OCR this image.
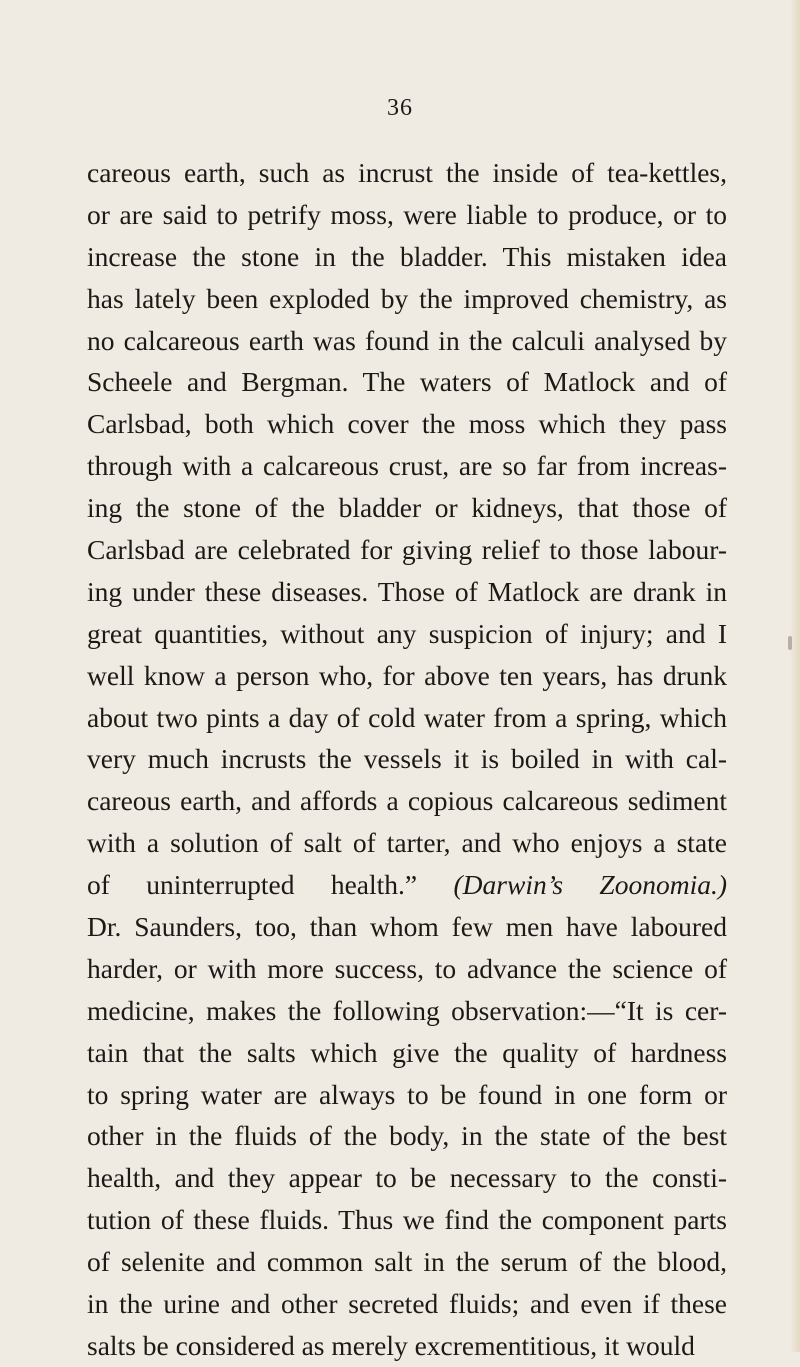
36
careous earth, such as incrust the inside of tea-kettles,
or are said to petrify moss, were liable to produce, or to
increase the stone in the bladder. This mistaken idea
has lately been exploded by the improved chemistry, as
no calcareous earth was found in the calculi analysed by
Scheele and Bergman. The waters of Matlock and of
Carlsbad, both which cover the moss which they pass
through with a calcareous crust, are so far from increas-
ing the stone of the bladder or kidneys, that those of
Carlsbad are celebrated for giving relief to those labour-
ing under these diseases. Those of Matlock are drank in
great quantities, without any suspicion of injury; and I
well know a person who, for above ten years, has drunk
about two pints a day of cold water from a spring, which
very much incrusts the vessels it is boiled in with cal-
careous earth, and affords a copious calcareous sediment
with a solution of salt of tarter, and who enjoys a state
of uninterrupted health.” (Darwin’s Zoonomia.)
Dr. Saunders, too, than whom few men have laboured
harder, or with more success, to advance the science of
medicine, makes the following observation:—“It is cer-
tain that the salts which give the quality of hardness
to spring water are always to be found in one form or
other in the fluids of the body, in the state of the best
health, and they appear to be necessary to the consti-
tution of these fluids. Thus we find the component parts
of selenite and common salt in the serum of the blood,
in the urine and other secreted fluids; and even if these
salts be considered as merely excrementitious, it would
